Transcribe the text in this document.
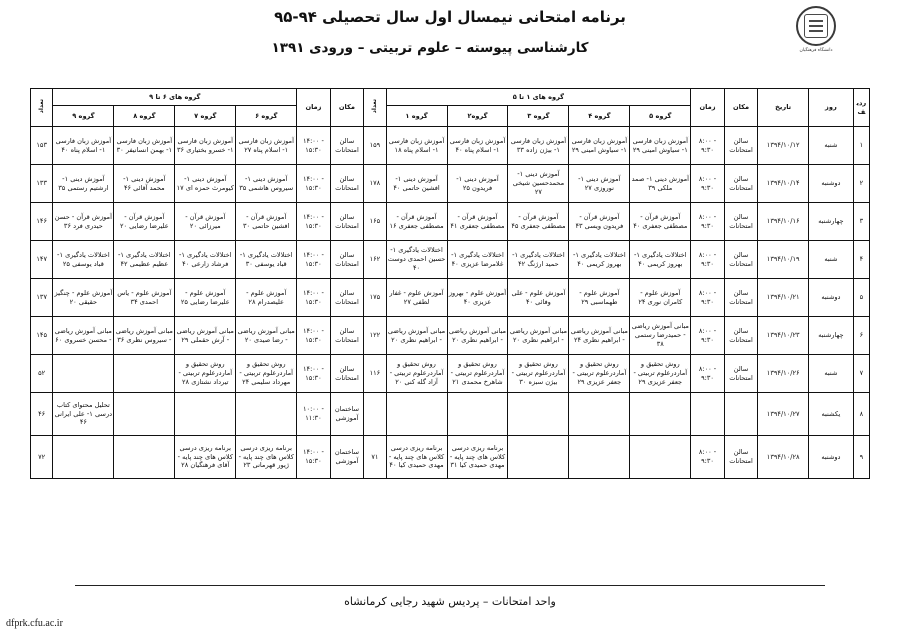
دانشگاه فرهنگیان
برنامه امتحانی نیمسال اول سال تحصیلی ۹۴-۹۵
کارشناسی پیوسته – علوم تربیتی – ورودی ۱۳۹۱
ردیف	روز	تاریخ	مکان	زمان	گروه های ۱ تا ۵					تعداد	مکان	زمان	گروه های ۶ تا ۹				تعداد
					گروه ۵	گروه ۴	گروه ۳	گروه۲	گروه ۱				گروه ۶	گروه ۷	گروه ۸	گروه ۹	
۱	شنبه	۱۳۹۴/۱۰/۱۲	سالن امتحانات	۸:۰۰ - ۹:۳۰	آموزش زبان فارسی ۱- سیاوش امینی ۲۹	آموزش زبان فارسی ۱- سیاوش امینی ۲۹	آموزش زبان فارسی ۱- بیژن زاده ۳۳	آموزش زبان فارسی ۱- اسلام پناه ۴۰	آموزش زبان فارسی ۱- اسلام پناه ۱۸	۱۵۹	سالن امتحانات	۱۴:۰۰ - ۱۵:۳۰	آموزش زبان فارسی ۱- اسلام پناه ۲۷	آموزش زبان فارسی ۱- خسرو بختیاری ۳۶	آموزش زبان فارسی ۱- بهمن انسانیفر ۳۰	آموزش زبان فارسی ۱- اسلام پناه ۴۰	۱۵۳
۲	دوشنبه	۱۳۹۴/۱۰/۱۴	سالن امتحانات	۸:۰۰ - ۹:۳۰	آموزش دینی ۱- صمد ملکی ۳۹	آموزش دینی ۱- نوروزی ۲۷	آموزش دینی ۱- محمدحسین شیخی ۲۷	آموزش دینی ۱- فریدون ۲۵	آموزش دینی ۱- افشین حاتمی ۴۰	۱۷۸	سالن امتحانات	۱۴:۰۰ - ۱۵:۳۰	آموزش دینی ۱- سیروس هاشمی ۳۵	آموزش دینی ۱- کیومرث حمزه ای ۱۷	آموزش دینی ۱- محمد آقائی ۴۶	آموزش دینی ۱- ارشتیم رستمی ۳۵	۱۳۳
۳	چهارشنبه	۱۳۹۴/۱۰/۱۶	سالن امتحانات	۸:۰۰ - ۹:۳۰	آموزش قرآن - مصطفی جعفری ۴۰	آموزش قرآن - فریدون ویسی ۴۳	آموزش قرآن - مصطفی جعفری ۴۵	آموزش قرآن - مصطفی جعفری ۴۱	آموزش قرآن - مصطفی جعفری ۱۶	۱۶۵	سالن امتحانات	۱۴:۰۰ - ۱۵:۳۰	آموزش قرآن - افشین حاتمی ۳۰	آموزش قرآن - میرزائی ۲۰	آموزش قرآن - علیرضا رضایی ۲۰	آموزش قرآن - حسن حیدری فرد ۳۶	۱۴۶
۴	شنبه	۱۳۹۴/۱۰/۱۹	سالن امتحانات	۸:۰۰ - ۹:۳۰	اختلالات یادگیری ۱- بهروز کریمی ۴۰	اختلالات یادگیری ۱- بهروز کریمی ۴۰	اختلالات یادگیری ۱- حمید ارژنگ ۴۲	اختلالات یادگیری ۱- غلامرضا عزیزی ۴۰	اختلالات یادگیری ۱- حسین احمدی دوست ۴۰	۱۶۲	سالن امتحانات	۱۴:۰۰ - ۱۵:۳۰	اختلالات یادگیری ۱- قباد یوسفی ۳۰	اختلالات یادگیری ۱- فرشاد زارعی ۴۰	اختلالات یادگیری ۱- عظیم عظیمی ۴۲	اختلالات یادگیری ۱- قباد یوسفی ۲۵	۱۴۷
۵	دوشنبه	۱۳۹۴/۱۰/۲۱	سالن امتحانات	۸:۰۰ - ۹:۳۰	آموزش علوم - کامران نوری ۲۴	آموزش علوم - طهماسبی ۲۹	آموزش علوم - علی وفائی ۴۰	آموزش علوم - بهروز عزیزی ۴۰	آموزش علوم - غفار لطفی ۲۷	۱۷۵	سالن امتحانات	۱۴:۰۰ - ۱۵:۳۰	آموزش علوم - علیصدرام ۲۸	آموزش علوم - علیرضا رضایی ۲۵	آموزش علوم - یاس احمدی ۳۴	آموزش علوم - چنگیز حقیقی ۲۰	۱۳۷
۶	چهارشنبه	۱۳۹۴/۱۰/۲۳	سالن امتحانات	۸:۰۰ - ۹:۳۰	مبانی آموزش ریاضی - حمیدرضا رستمی ۳۸	مبانی آموزش ریاضی - ابراهیم نظری ۲۴	مبانی آموزش ریاضی - ابراهیم نظری ۲۰	مبانی آموزش ریاضی - ابراهیم نظری ۲۰	مبانی آموزش ریاضی - ابراهیم نظری ۲۰	۱۲۲	سالن امتحانات	۱۴:۰۰ - ۱۵:۳۰	مبانی آموزش ریاضی - رضا صیدی ۲۰	مبانی آموزش ریاضی - آرش حقملی ۲۹	مبانی آموزش ریاضی - سیروس نظری ۳۶	مبانی آموزش ریاضی - محسن خسروی ۶۰	۱۴۵
۷	شنبه	۱۳۹۴/۱۰/۲۶	سالن امتحانات	۸:۰۰ - ۹:۳۰	روش تحقیق و آماردرعلوم تربیتی - جعفر عزیزی ۲۹	روش تحقیق و آماردرعلوم تربیتی - جعفر عزیزی ۲۹	روش تحقیق و آماردرعلوم تربیتی - بیژن سبزه ۳۰	روش تحقیق و آماردرعلوم تربیتی - شاهرخ محمدی ۲۱	روش تحقیق و آماردرعلوم تربیتی - آزاد گله کنی ۲۰	۱۱۶	سالن امتحانات	۱۴:۰۰ - ۱۵:۳۰	روش تحقیق و آماردرعلوم تربیتی - مهرداد سلیمی ۲۴	روش تحقیق و آماردرعلوم تربیتی - تیرداد نشتازی ۲۸			۵۲
۸	یکشنبه	۱۳۹۴/۱۰/۲۷									ساختمان آموزشی	۱۰:۰۰ - ۱۱:۳۰				تحلیل محتوای کتاب درسی ۱- علی ایرانی ۴۶	۴۶
۹	دوشنبه	۱۳۹۴/۱۰/۲۸	سالن امتحانات	۸:۰۰ - ۹:۳۰				برنامه ریزی درسی کلاس های چند پایه - مهدی حمیدی کیا ۳۱	برنامه ریزی درسی کلاس های چند پایه - مهدی حمیدی کیا ۴۰	۷۱	ساختمان آموزشی	۱۴:۰۰ - ۱۵:۳۰	برنامه ریزی درسی کلاس های چند پایه - ژیور قهرمانی ۲۳	برنامه ریزی درسی کلاس های چند پایه - آقای فرهنگیان ۲۸			۷۲
واحد امتحانات – پردیس شهید رجایی کرمانشاه
dfprk.cfu.ac.ir
